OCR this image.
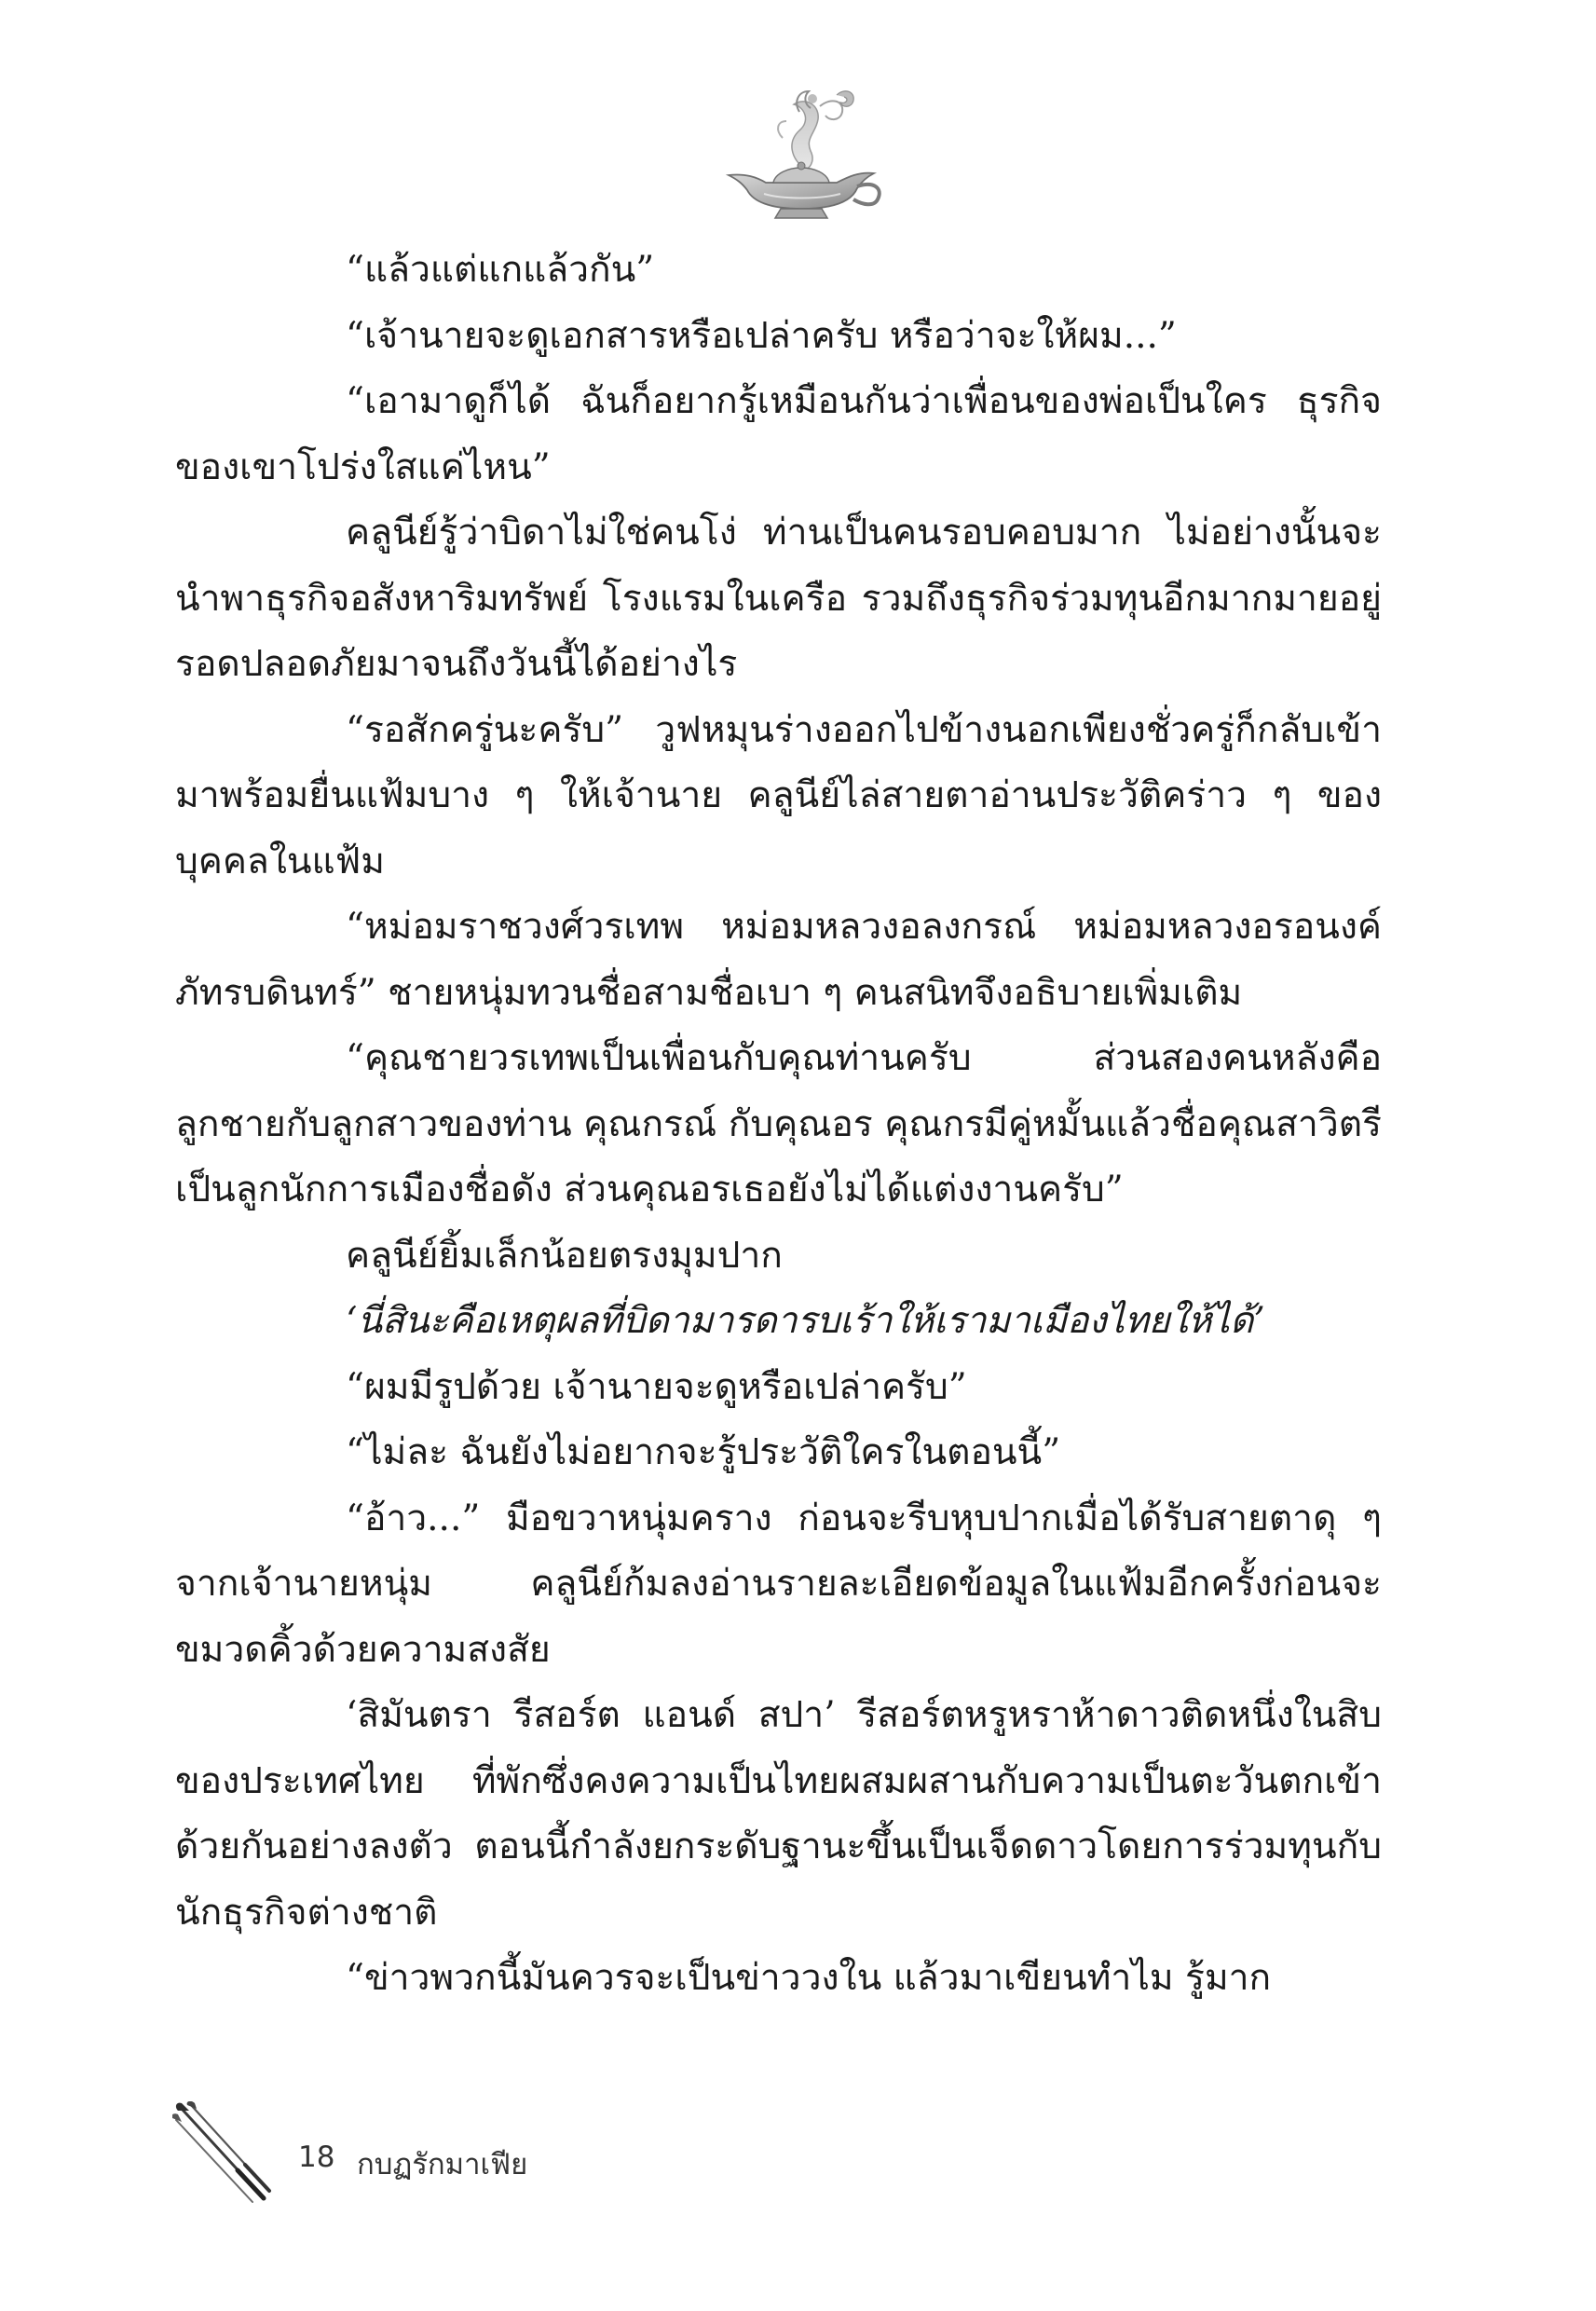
“แล้วแต่แกแล้วกัน”

“เจ้านายจะดูเอกสารหรือเปล่าครับ หรือว่าจะให้ผม...”

“เอามาดูก็ได้ ฉันก็อยากรู้เหมือนกันว่าเพื่อนของพ่อเป็นใคร ธุรกิจของเขาโปร่งใสแค่ไหน”

คลูนีย์รู้ว่าบิดาไม่ใช่คนโง่ ท่านเป็นคนรอบคอบมาก ไม่อย่างนั้นจะนำพาธุรกิจอสังหาริมทรัพย์ โรงแรมในเครือ รวมถึงธุรกิจร่วมทุนอีกมากมายอยู่รอดปลอดภัยมาจนถึงวันนี้ได้อย่างไร

“รอสักครู่นะครับ” วูฟหมุนร่างออกไปข้างนอกเพียงชั่วครู่ก็กลับเข้ามาพร้อมยื่นแฟ้มบาง ๆ ให้เจ้านาย คลูนีย์ไล่สายตาอ่านประวัติคร่าว ๆ ของบุคคลในแฟ้ม

“หม่อมราชวงศ์วรเทพ หม่อมหลวงอลงกรณ์ หม่อมหลวงอรอนงค์ ภัทรบดินทร์” ชายหนุ่มทวนชื่อสามชื่อเบา ๆ คนสนิทจึงอธิบายเพิ่มเติม

“คุณชายวรเทพเป็นเพื่อนกับคุณท่านครับ ส่วนสองคนหลังคือลูกชายกับลูกสาวของท่าน คุณกรณ์ กับคุณอร คุณกรมีคู่หมั้นแล้วชื่อคุณสาวิตรี เป็นลูกนักการเมืองชื่อดัง ส่วนคุณอรเธอยังไม่ได้แต่งงานครับ”

คลูนีย์ยิ้มเล็กน้อยตรงมุมปาก

‘นี่สินะคือเหตุผลที่บิดามารดารบเร้าให้เรามาเมืองไทยให้ได้’

“ผมมีรูปด้วย เจ้านายจะดูหรือเปล่าครับ”

“ไม่ละ ฉันยังไม่อยากจะรู้ประวัติใครในตอนนี้”

“อ้าว...” มือขวาหนุ่มคราง ก่อนจะรีบหุบปากเมื่อได้รับสายตาดุ ๆ จากเจ้านายหนุ่ม คลูนีย์ก้มลงอ่านรายละเอียดข้อมูลในแฟ้มอีกครั้งก่อนจะขมวดคิ้วด้วยความสงสัย

‘สิมันตรา รีสอร์ต แอนด์ สปา’ รีสอร์ตหรูหราห้าดาวติดหนึ่งในสิบของประเทศไทย ที่พักซึ่งคงความเป็นไทยผสมผสานกับความเป็นตะวันตกเข้าด้วยกันอย่างลงตัว ตอนนี้กำลังยกระดับฐานะขึ้นเป็นเจ็ดดาวโดยการร่วมทุนกับนักธุรกิจต่างชาติ

“ข่าวพวกนี้มันควรจะเป็นข่าววงใน แล้วมาเขียนทำไม รู้มาก

18 กบฏรักมาเฟีย
